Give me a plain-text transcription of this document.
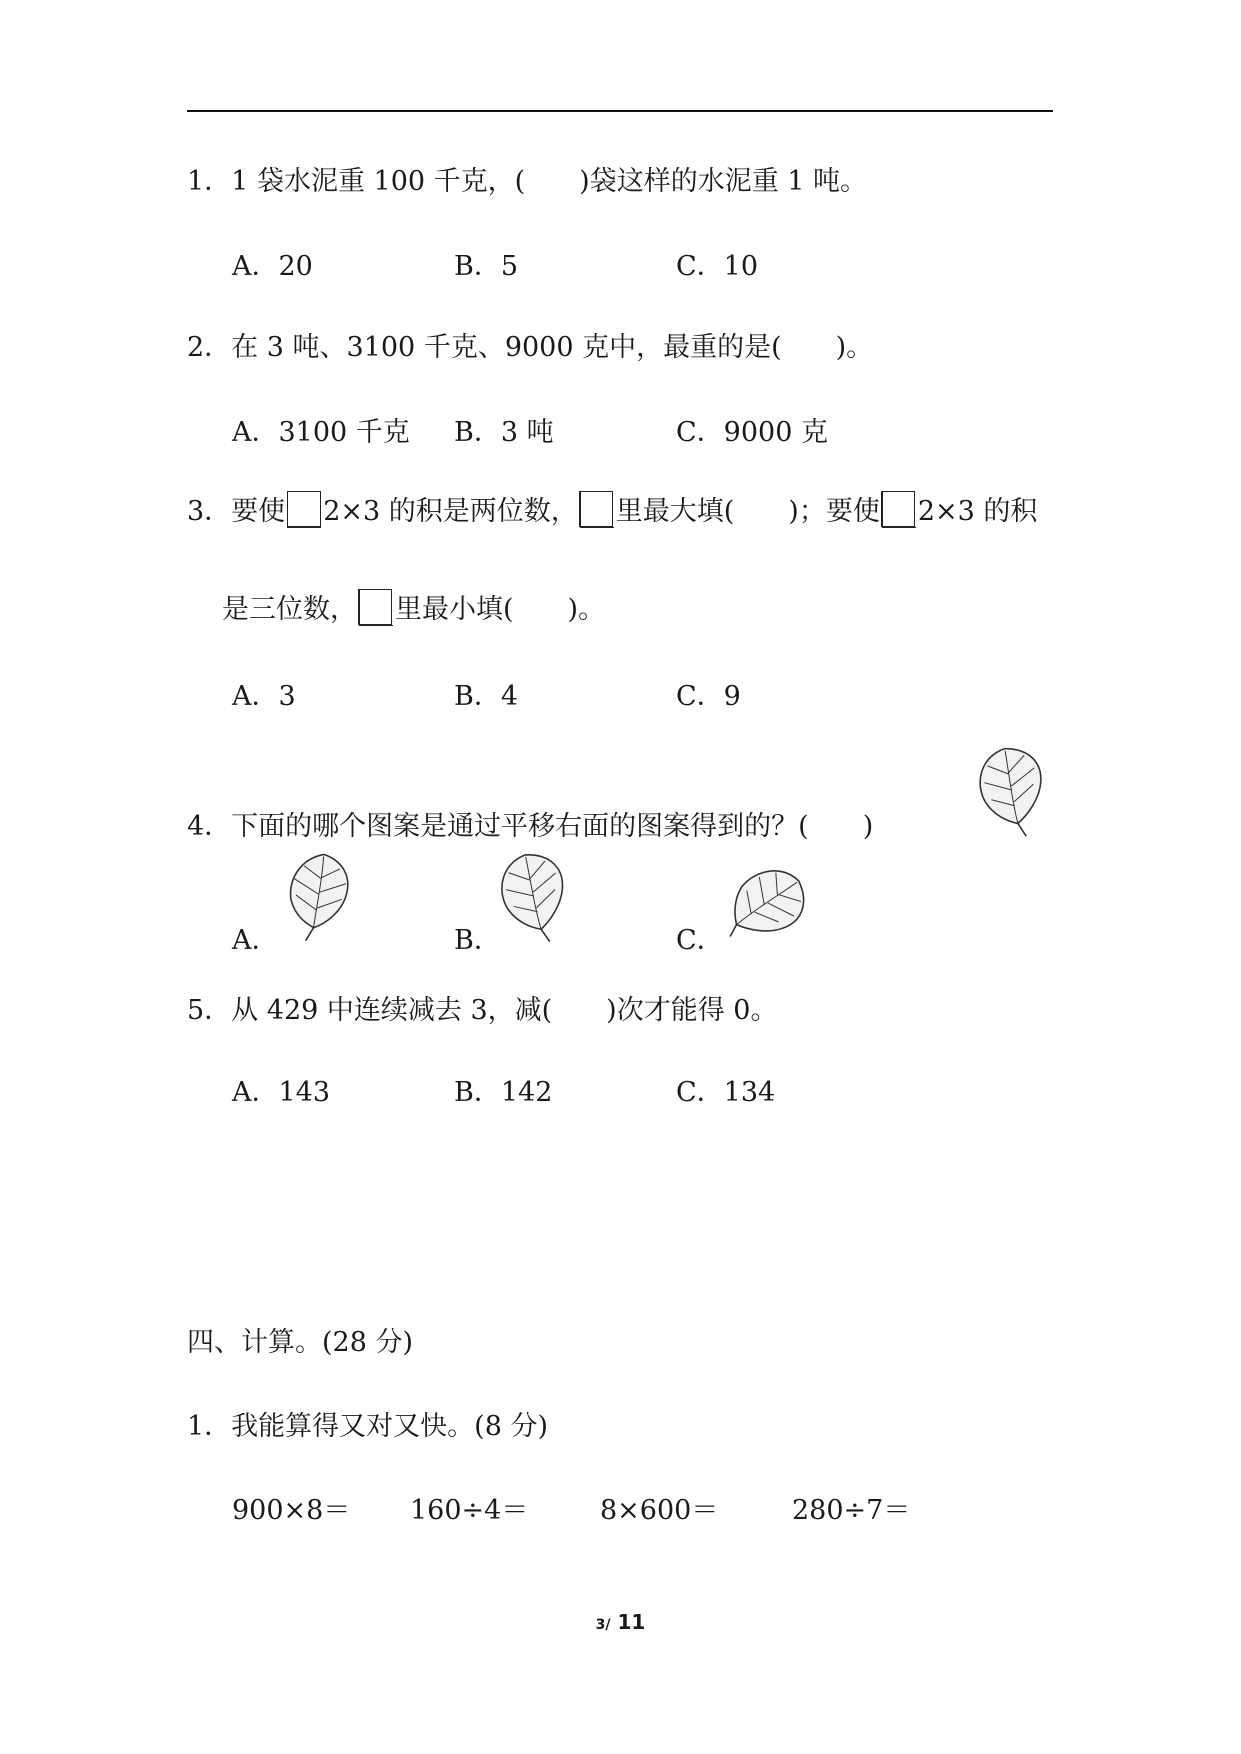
1．1 袋水泥重 100 千克，(　　)袋这样的水泥重 1 吨。
A．20	B．5	C．10
2．在 3 吨、3100 千克、9000 克中，最重的是(　　)。
A．3100 千克 B．3 吨	C．9000 克
3．要使 2×3 的积是两位数， 里最大填(　　)；要使 2×3 的积
是三位数， 里最小填(　　)。
A．3	B．4	C．9
4．下面的哪个图案是通过平移右面的图案得到的？(　　)
A．	B．	C．
5．从 429 中连续减去 3，减(　　)次才能得 0。
A．143	B．142	C．134
四、计算。(28 分)
1．我能算得又对又快。(8 分)
900×8＝ 160÷4＝	8×600＝	280÷7＝
3/ 11
